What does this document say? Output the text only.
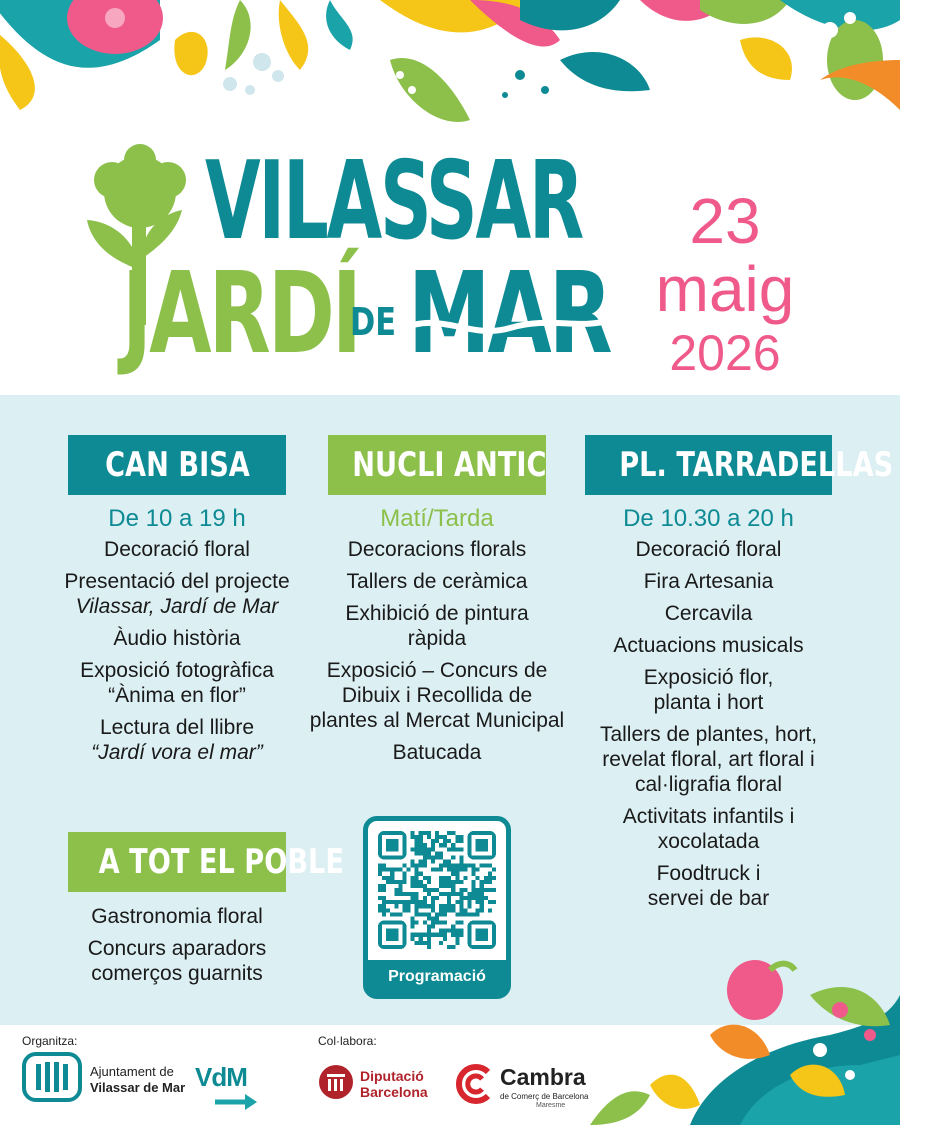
VILASSAR
JARDÍ
DE MAR
23
maig
2026
CAN BISA
De 10 a 19 h
Decoració floral
Presentació del projecte
Vilassar, Jardí de Mar
Àudio història
Exposició fotogràfica
“Ànima en flor”
Lectura del llibre
“Jardí vora el mar”
NUCLI ANTIC
Matí/Tarda
Decoracions florals
Tallers de ceràmica
Exhibició de pintura ràpida
Exposició – Concurs de Dibuix i Recollida de plantes al Mercat Municipal
Batucada
PL. TARRADELLAS
De 10.30 a 20 h
Decoració floral
Fira Artesania
Cercavila
Actuacions musicals
Exposició flor, planta i hort
Tallers de plantes, hort, revelat floral, art floral i cal·ligrafia floral
Activitats infantils i xocolatada
Foodtruck i servei de bar
A TOT EL POBLE
Gastronomia floral
Concurs aparadors comerços guarnits	Programació
Organitza:	Col·labora:
Ajuntament de
Vilassar de Mar VdM	Diputació
Barcelona
Cambra
de Comerç de Barcelona
Maresme
